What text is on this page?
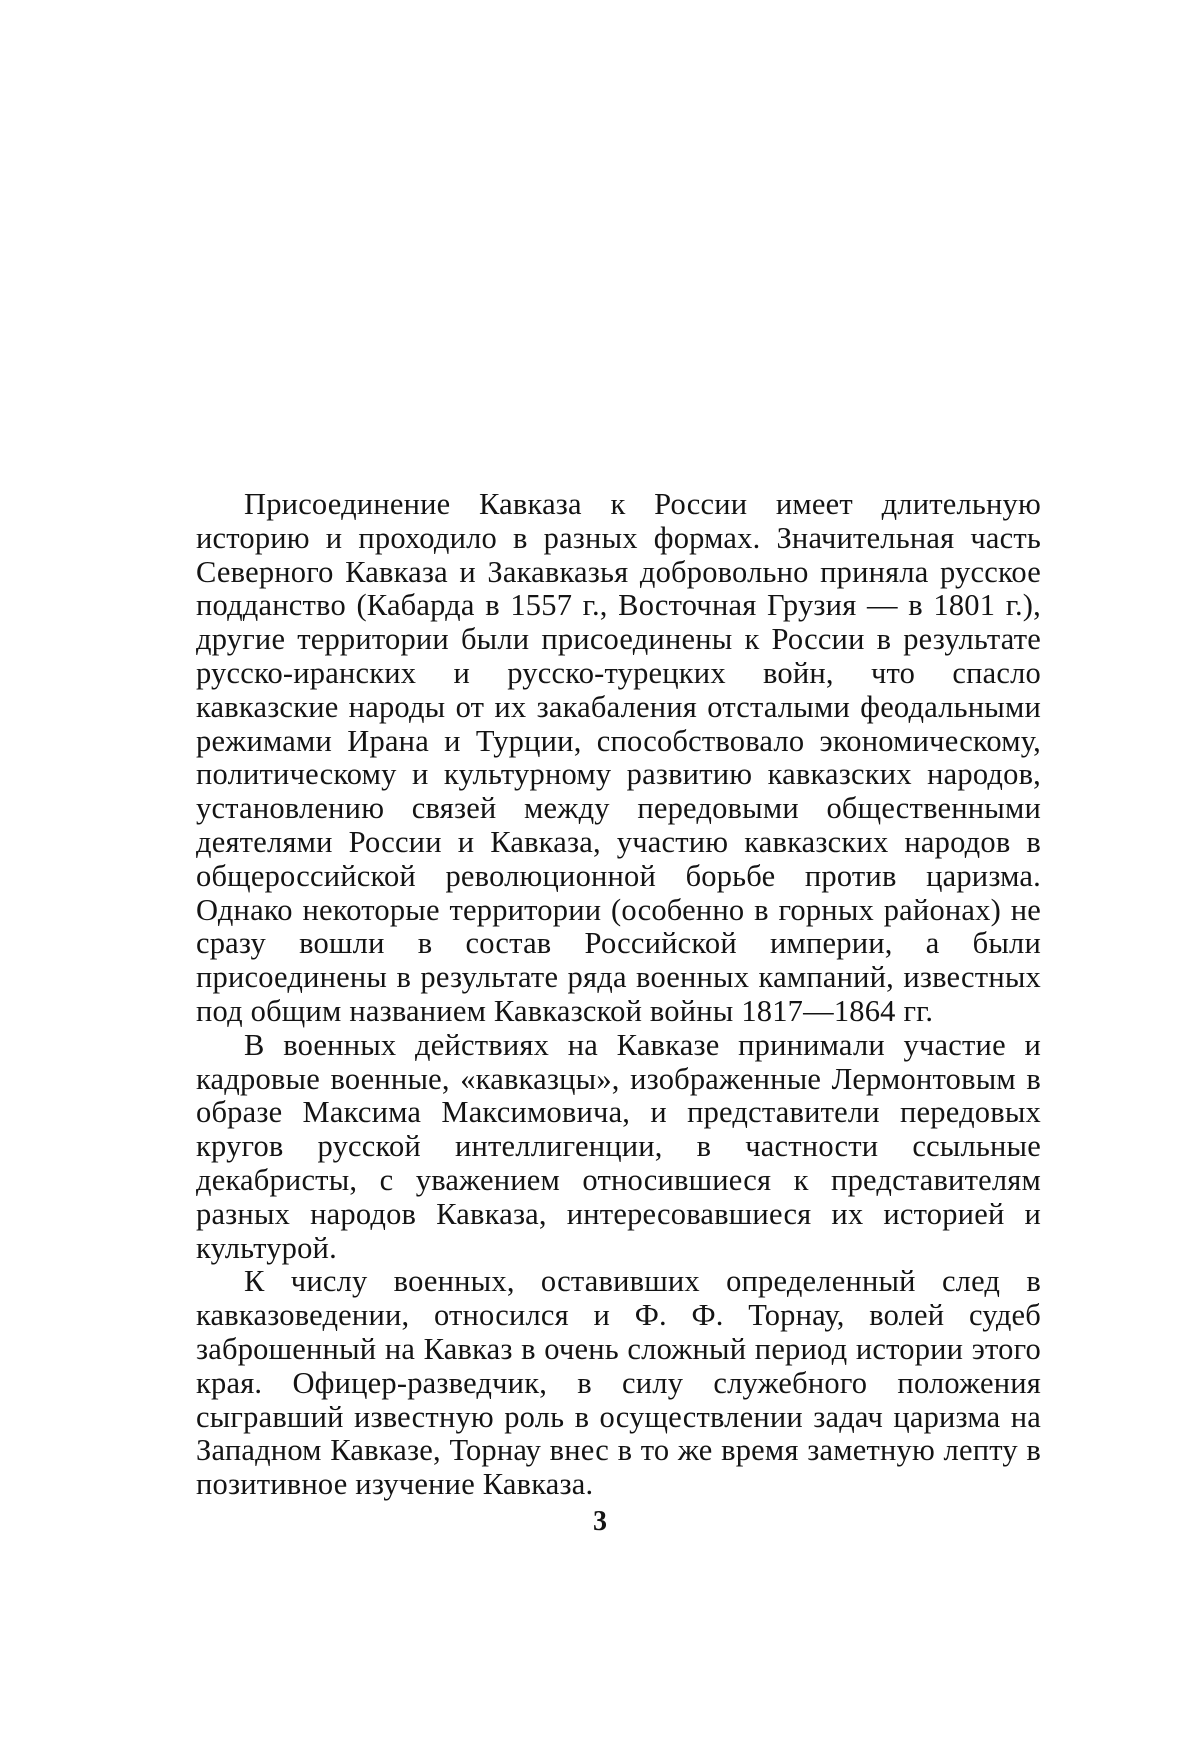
Присоединение Кавказа к России имеет длительную историю и проходило в разных формах. Значительная часть Северного Кавказа и Закавказья добровольно приняла русское подданство (Кабарда в 1557 г., Восточная Грузия — в 1801 г.), другие территории были присоединены к России в результате русско-иранских и русско-турецких войн, что спасло кавказские народы от их закабаления отсталыми феодальными режимами Ирана и Турции, способствовало экономическому, политическому и культурному развитию кавказских народов, установлению связей между передовыми общественными деятелями России и Кавказа, участию кавказских народов в общероссийской революционной борьбе против царизма. Однако некоторые территории (особенно в горных районах) не сразу вошли в состав Российской империи, а были присоединены в результате ряда военных кампаний, известных под общим названием Кавказской войны 1817—1864 гг.

В военных действиях на Кавказе принимали участие и кадровые военные, «кавказцы», изображенные Лермонтовым в образе Максима Максимовича, и представители передовых кругов русской интеллигенции, в частности ссыльные декабристы, с уважением относившиеся к представителям разных народов Кавказа, интересовавшиеся их историей и культурой.

К числу военных, оставивших определенный след в кавказоведении, относился и Ф. Ф. Торнау, волей судеб заброшенный на Кавказ в очень сложный период истории этого края. Офицер-разведчик, в силу служебного положения сыгравший известную роль в осуществлении задач царизма на Западном Кавказе, Торнау внес в то же время заметную лепту в позитивное изучение Кавказа.

3
